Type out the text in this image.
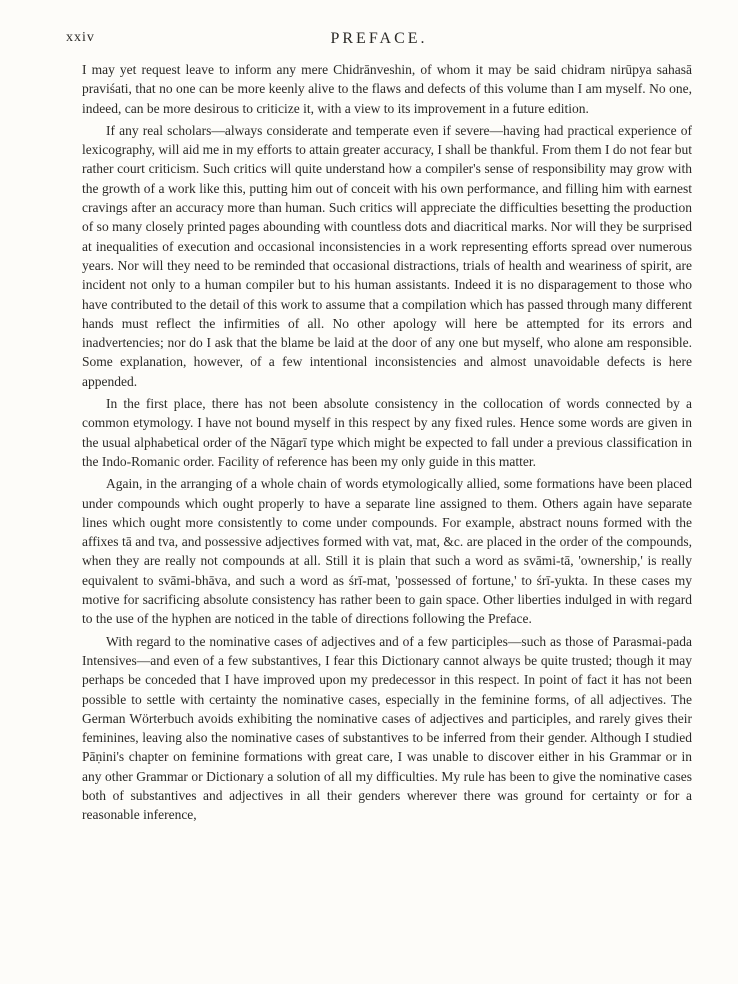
xxiv	PREFACE.

I may yet request leave to inform any mere Chidrānveshin, of whom it may be said chidram nirūpya sahasā praviśati, that no one can be more keenly alive to the flaws and defects of this volume than I am myself. No one, indeed, can be more desirous to criticize it, with a view to its improvement in a future edition.

If any real scholars—always considerate and temperate even if severe—having had practical experience of lexicography, will aid me in my efforts to attain greater accuracy, I shall be thankful. From them I do not fear but rather court criticism. Such critics will quite understand how a compiler's sense of responsibility may grow with the growth of a work like this, putting him out of conceit with his own performance, and filling him with earnest cravings after an accuracy more than human. Such critics will appreciate the difficulties besetting the production of so many closely printed pages abounding with countless dots and diacritical marks. Nor will they be surprised at inequalities of execution and occasional inconsistencies in a work representing efforts spread over numerous years. Nor will they need to be reminded that occasional distractions, trials of health and weariness of spirit, are incident not only to a human compiler but to his human assistants. Indeed it is no disparagement to those who have contributed to the detail of this work to assume that a compilation which has passed through many different hands must reflect the infirmities of all. No other apology will here be attempted for its errors and inadvertencies; nor do I ask that the blame be laid at the door of any one but myself, who alone am responsible. Some explanation, however, of a few intentional inconsistencies and almost unavoidable defects is here appended.

In the first place, there has not been absolute consistency in the collocation of words connected by a common etymology. I have not bound myself in this respect by any fixed rules. Hence some words are given in the usual alphabetical order of the Nāgarī type which might be expected to fall under a previous classification in the Indo-Romanic order. Facility of reference has been my only guide in this matter.

Again, in the arranging of a whole chain of words etymologically allied, some formations have been placed under compounds which ought properly to have a separate line assigned to them. Others again have separate lines which ought more consistently to come under compounds. For example, abstract nouns formed with the affixes tā and tva, and possessive adjectives formed with vat, mat, &c. are placed in the order of the compounds, when they are really not compounds at all. Still it is plain that such a word as svāmi-tā, 'ownership,' is really equivalent to svāmi-bhāva, and such a word as śrī-mat, 'possessed of fortune,' to śrī-yukta. In these cases my motive for sacrificing absolute consistency has rather been to gain space. Other liberties indulged in with regard to the use of the hyphen are noticed in the table of directions following the Preface.

With regard to the nominative cases of adjectives and of a few participles—such as those of Parasmai-pada Intensives—and even of a few substantives, I fear this Dictionary cannot always be quite trusted; though it may perhaps be conceded that I have improved upon my predecessor in this respect. In point of fact it has not been possible to settle with certainty the nominative cases, especially in the feminine forms, of all adjectives. The German Wörterbuch avoids exhibiting the nominative cases of adjectives and participles, and rarely gives their feminines, leaving also the nominative cases of substantives to be inferred from their gender. Although I studied Pāṇini's chapter on feminine formations with great care, I was unable to discover either in his Grammar or in any other Grammar or Dictionary a solution of all my difficulties. My rule has been to give the nominative cases both of substantives and adjectives in all their genders wherever there was ground for certainty or for a reasonable inference,
